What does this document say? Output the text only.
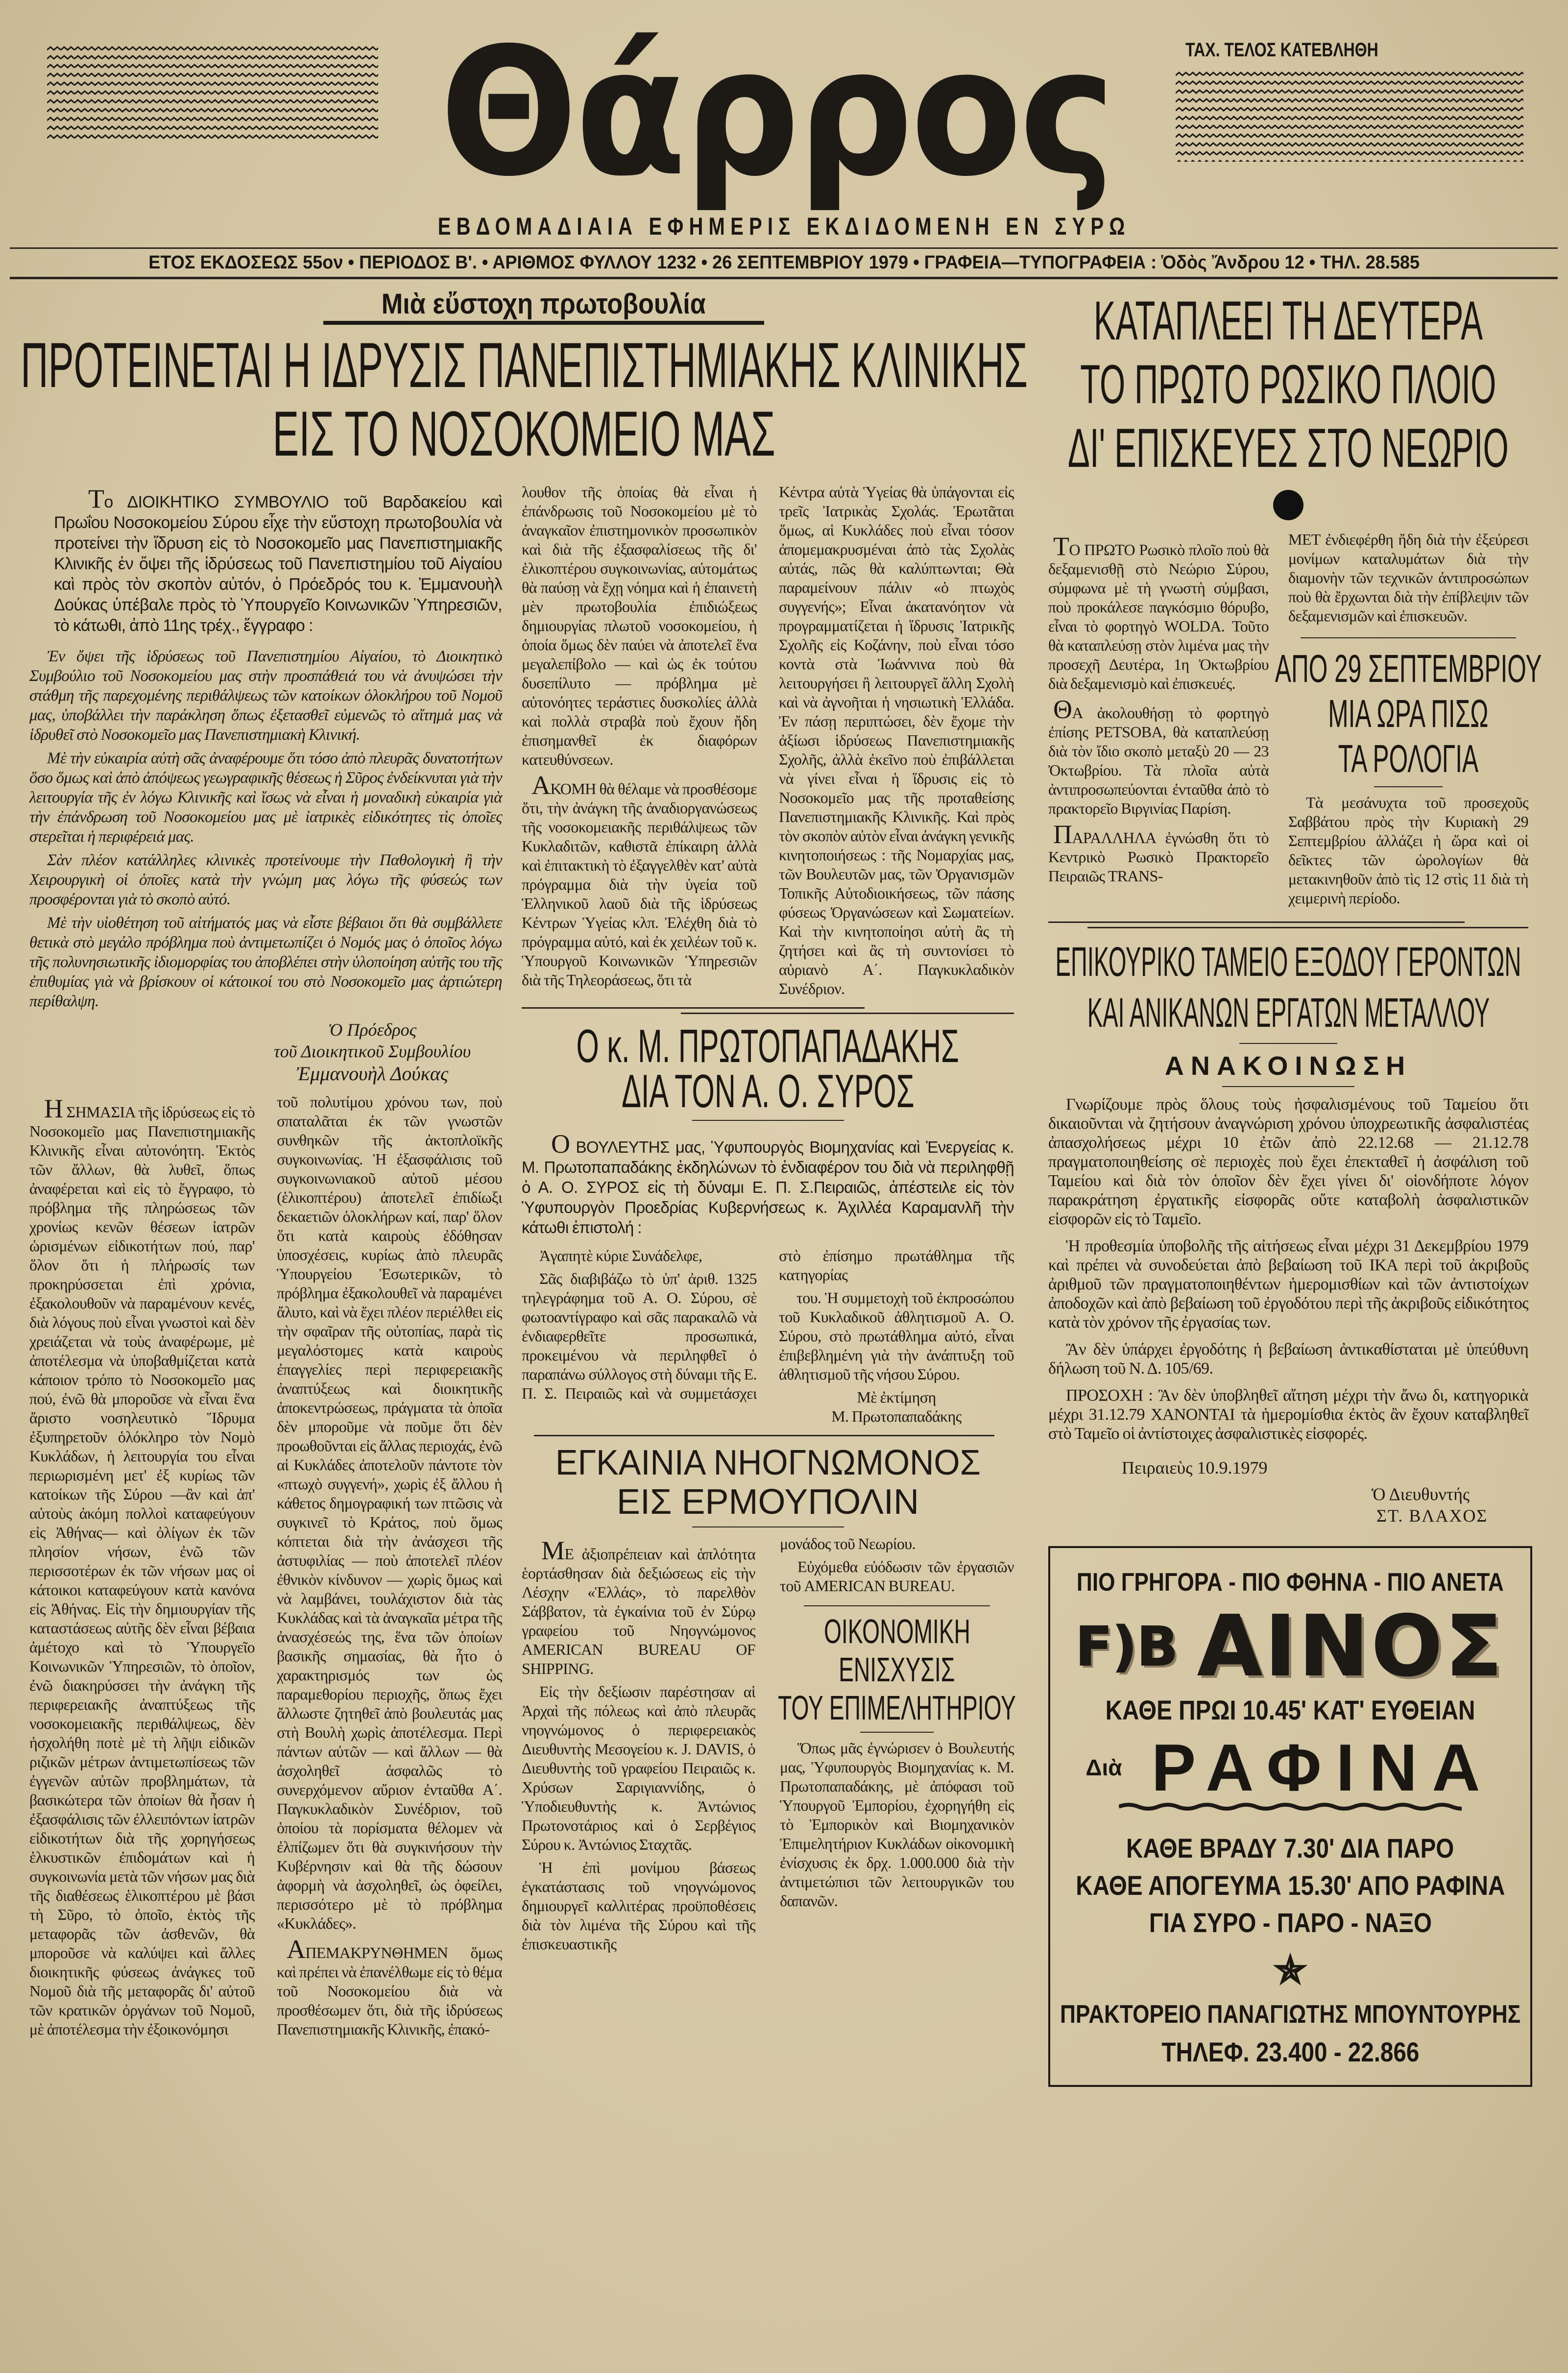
Θάρρος	ΤΑΧ. ΤΕΛΟΣ ΚΑΤΕΒΛΗΘΗ
ΕΒΔΟΜΑΔΙΑΙΑ ΕΦΗΜΕΡΙΣ ΕΚΔΙΔΟΜΕΝΗ ΕΝ ΣΥΡΩ
ΕΤΟΣ ΕΚΔΟΣΕΩΣ 55ον • ΠΕΡΙΟΔΟΣ Β'. • ΑΡΙΘΜΟΣ ΦΥΛΛΟΥ 1232 • 26 ΣΕΠΤΕΜΒΡΙΟΥ 1979 • ΓΡΑΦΕΙΑ—ΤΥΠΟΓΡΑΦΕΙΑ : Ὁδὸς Ἄνδρου 12 • ΤΗΛ. 28.585
Μιὰ εὔστοχη πρωτοβουλία
ΠΡΟΤΕΙΝΕΤΑΙ Η ΙΔΡΥΣΙΣ ΠΑΝΕΠΙΣΤΗΜΙΑΚΗΣ ΚΛΙΝΙΚΗΣ
ΕΙΣ ΤΟ ΝΟΣΟΚΟΜΕΙΟ ΜΑΣ

Το ΔΙΟΙΚΗΤΙΚΟ ΣΥΜΒΟΥΛΙΟ τοῦ Βαρδακείου καὶ Πρωΐου Νοσοκομείου Σύρου εἶχε τὴν εὔστοχη πρωτοβουλία νὰ προτείνει τὴν ἵδρυση εἰς τὸ Νοσοκομεῖο μας Πανεπιστημιακῆς Κλινικῆς ἐν ὄψει τῆς ἱδρύσεως τοῦ Πανεπιστημίου τοῦ Αἰγαίου καὶ πρὸς τὸν σκοπὸν αὐτόν, ὁ Πρόεδρός του κ. Ἐμμανουὴλ Δούκας ὑπέβαλε πρὸς τὸ Ὑπουργεῖο Κοινωνικῶν Ὑπηρεσιῶν, τὸ κάτωθι, ἀπὸ 11ης τρέχ., ἔγγραφο :

Ἐν ὄψει τῆς ἱδρύσεως τοῦ Πανεπιστημίου Αἰγαίου, τὸ Διοικητικὸ Συμβούλιο τοῦ Νοσοκομείου μας στὴν προσπάθειά του νὰ ἀνυψώσει τὴν στάθμη τῆς παρεχομένης περιθάλψεως τῶν κατοίκων ὁλοκλήρου τοῦ Νομοῦ μας, ὑποβάλλει τὴν παράκληση ὅπως ἐξετασθεῖ εὐμενῶς τὸ αἴτημά μας νὰ ἱδρυθεῖ στὸ Νοσοκομεῖο μας Πανεπιστημιακὴ Κλινική.

Μὲ τὴν εὐκαιρία αὐτὴ σᾶς ἀναφέρουμε ὅτι τόσο ἀπὸ πλευρᾶς δυνατοτήτων ὅσο ὅμως καὶ ἀπὸ ἀπόψεως γεωγραφικῆς θέσεως ἡ Σῦρος ἐνδείκνυται γιὰ τὴν λειτουργία τῆς ἐν λόγω Κλινικῆς καὶ ἴσως νὰ εἶναι ἡ μοναδικὴ εὐκαιρία γιὰ τὴν ἐπάνδρωση τοῦ Νοσοκομείου μας μὲ ἰατρικὲς εἰδικότητες τὶς ὁποῖες στερεῖται ἡ περιφέρειά μας.

Σὰν πλέον κατάλληλες κλινικὲς προτείνουμε τὴν Παθολογικὴ ἢ τὴν Χειρουργικὴ οἱ ὁποῖες κατὰ τὴν γνώμη μας λόγω τῆς φύσεώς των προσφέρονται γιὰ τὸ σκοπὸ αὐτό.

Μὲ τὴν υἱοθέτηση τοῦ αἰτήματός μας νὰ εἶστε βέβαιοι ὅτι θὰ συμβάλλετε θετικὰ στὸ μεγάλο πρόβλημα ποὺ ἀντιμετωπίζει ὁ Νομός μας ὁ ὁποῖος λόγω τῆς πολυνησιωτικῆς ἰδιομορφίας του ἀποβλέπει στὴν ὑλοποίηση αὐτῆς του τῆς ἐπιθυμίας γιὰ νὰ βρίσκουν οἱ κάτοικοί του στὸ Νοσοκομεῖο μας ἀρτιώτερη περίθαλψη.

Ὁ Πρόεδρος
τοῦ Διοικητικοῦ Συμβουλίου
Ἐμμανουὴλ Δούκας

Η ΣΗΜΑΣΙΑ τῆς ἱδρύσεως εἰς τὸ Νοσοκομεῖο μας Πανεπιστημιακῆς Κλινικῆς εἶναι αὐτονόητη. Ἐκτὸς τῶν ἄλλων, θὰ λυθεῖ, ὅπως ἀναφέρεται καὶ εἰς τὸ ἔγγραφο, τὸ πρόβλημα τῆς πληρώσεως τῶν χρονίως κενῶν θέσεων ἰατρῶν ὡρισμένων εἰδικοτήτων πού, παρ' ὅλον ὅτι ἡ πλήρωσίς των προκηρύσσεται ἐπὶ χρόνια, ἐξακολουθοῦν νὰ παραμένουν κενές, διὰ λόγους ποὺ εἶναι γνωστοὶ καὶ δὲν χρειάζεται νὰ τοὺς ἀναφέρωμε, μὲ ἀποτέλεσμα νὰ ὑποβαθμίζεται κατὰ κάποιον τρόπο τὸ Νοσοκομεῖο μας πού, ἐνῶ θὰ μποροῦσε νὰ εἶναι ἕνα ἄριστο νοσηλευτικὸ Ἵδρυμα ἐξυπηρετοῦν ὁλόκληρο τὸν Νομὸ Κυκλάδων, ἡ λειτουργία του εἶναι περιωρισμένη μετ' ἐξ κυρίως τῶν κατοίκων τῆς Σύρου —ἂν καὶ ἀπ' αὐτοὺς ἀκόμη πολλοὶ καταφεύγουν εἰς Ἀθήνας— καὶ ὀλίγων ἐκ τῶν πλησίον νήσων, ἐνῶ τῶν περισσοτέρων ἐκ τῶν νήσων μας οἱ κάτοικοι καταφεύγουν κατὰ κανόνα εἰς Ἀθήνας. Εἰς τὴν δημιουργίαν τῆς καταστάσεως αὐτῆς δὲν εἶναι βέβαια ἀμέτοχο καὶ τὸ Ὑπουργεῖο Κοινωνικῶν Ὑπηρεσιῶν, τὸ ὁποῖον, ἐνῶ διακηρύσσει τὴν ἀνάγκη τῆς περιφερειακῆς ἀναπτύξεως τῆς νοσοκομειακῆς περιθάλψεως, δὲν ἠσχολήθη ποτὲ μὲ τὴ λῆψι εἰδικῶν ριζικῶν μέτρων ἀντιμετωπίσεως τῶν ἐγγενῶν αὐτῶν προβλημάτων, τὰ βασικώτερα τῶν ὁποίων θὰ ἦσαν ἡ ἐξασφάλισις τῶν ἐλλειπόντων ἰατρῶν εἰδικοτήτων διὰ τῆς χορηγήσεως ἑλκυστικῶν ἐπιδομάτων καὶ ἡ συγκοινωνία μετὰ τῶν νήσων μας διὰ τῆς διαθέσεως ἑλικοπτέρου μὲ βάσι τὴ Σῦρο, τὸ ὁποῖο, ἐκτὸς τῆς μεταφορᾶς τῶν ἀσθενῶν, θὰ μποροῦσε νὰ καλύψει καὶ ἄλλες διοικητικῆς φύσεως ἀνάγκες τοῦ Νομοῦ διὰ τῆς μεταφορᾶς δι' αὐτοῦ τῶν κρατικῶν ὀργάνων τοῦ Νομοῦ, μὲ ἀποτέλεσμα τὴν ἐξοικονόμησι

τοῦ πολυτίμου χρόνου των, ποὺ σπαταλᾶται ἐκ τῶν γνωστῶν συνθηκῶν τῆς ἀκτοπλοϊκῆς συγκοινωνίας. Ἡ ἐξασφάλισις τοῦ συγκοινωνιακοῦ αὐτοῦ μέσου (ἑλικοπτέρου) ἀποτελεῖ ἐπιδίωξι δεκαετιῶν ὁλοκλήρων καί, παρ' ὅλον ὅτι κατὰ καιροὺς ἐδόθησαν ὑποσχέσεις, κυρίως ἀπὸ πλευρᾶς Ὑπουργείου Ἐσωτερικῶν, τὸ πρόβλημα ἐξακολουθεῖ νὰ παραμένει ἄλυτο, καὶ νὰ ἔχει πλέον περιέλθει εἰς τὴν σφαῖραν τῆς οὐτοπίας, παρὰ τὶς μεγαλόστομες κατὰ καιροὺς ἐπαγγελίες περὶ περιφερειακῆς ἀναπτύξεως καὶ διοικητικῆς ἀποκεντρώσεως, πράγματα τὰ ὁποῖα δὲν μποροῦμε νὰ ποῦμε ὅτι δὲν προωθοῦνται εἰς ἄλλας περιοχάς, ἐνῶ αἱ Κυκλάδες ἀποτελοῦν πάντοτε τὸν «πτωχὸ συγγενή», χωρὶς ἐξ ἄλλου ἡ κάθετος δημογραφική των πτῶσις νὰ συγκινεῖ τὸ Κράτος, ποὺ ὅμως κόπτεται διὰ τὴν ἀνάσχεσι τῆς ἀστυφιλίας — ποὺ ἀποτελεῖ πλέον ἐθνικὸν κίνδυνον — χωρὶς ὅμως καὶ νὰ λαμβάνει, τουλάχιστον διὰ τὰς Κυκλάδας καὶ τὰ ἀναγκαῖα μέτρα τῆς ἀνασχέσεώς της, ἕνα τῶν ὁποίων βασικῆς σημασίας, θὰ ἦτο ὁ χαρακτηρισμός των ὡς παραμεθορίου περιοχῆς, ὅπως ἔχει ἄλλωστε ζητηθεῖ ἀπὸ βουλευτάς μας στὴ Βουλὴ χωρὶς ἀποτέλεσμα. Περὶ πάντων αὐτῶν — καὶ ἄλλων — θὰ ἀσχοληθεῖ ἀσφαλῶς τὸ συνερχόμενον αὔριον ἐνταῦθα Α΄. Παγκυκλαδικὸν Συνέδριον, τοῦ ὁποίου τὰ πορίσματα θέλομεν νὰ ἐλπίζωμεν ὅτι θὰ συγκινήσουν τὴν Κυβέρνησιν καὶ θὰ τῆς δώσουν ἀφορμὴ νὰ ἀσχοληθεῖ, ὡς ὀφείλει, περισσότερο μὲ τὸ πρόβλημα «Κυκλάδες».

ΑΠΕΜΑΚΡΥΝΘΗΜΕΝ ὅμως καὶ πρέπει νὰ ἐπανέλθωμε εἰς τὸ θέμα τοῦ Νοσοκομείου διὰ νὰ προσθέσωμεν ὅτι, διὰ τῆς ἱδρύσεως Πανεπιστημιακῆς Κλινικῆς, ἐπακό-

λουθον τῆς ὁποίας θὰ εἶναι ἡ ἐπάνδρωσις τοῦ Νοσοκομείου μὲ τὸ ἀναγκαῖον ἐπιστημονικὸν προσωπικὸν καὶ διὰ τῆς ἐξασφαλίσεως τῆς δι' ἑλικοπτέρου συγκοινωνίας, αὐτομάτως θὰ παύσῃ νὰ ἔχῃ νόημα καὶ ἡ ἐπαινετὴ μὲν πρωτοβουλία ἐπιδιώξεως δημιουργίας πλωτοῦ νοσοκομείου, ἡ ὁποία ὅμως δὲν παύει νὰ ἀποτελεῖ ἕνα μεγαλεπίβολο — καὶ ὡς ἐκ τούτου δυσεπίλυτο — πρόβλημα μὲ αὐτονόητες τεράστιες δυσκολίες ἀλλὰ καὶ πολλὰ στραβὰ ποὺ ἔχουν ἤδη ἐπισημανθεῖ ἐκ διαφόρων κατευθύνσεων.

ΑΚΟΜΗ θὰ θέλαμε νὰ προσθέσομε ὅτι, τὴν ἀνάγκη τῆς ἀναδιοργανώσεως τῆς νοσοκομειακῆς περιθάλψεως τῶν Κυκλαδιτῶν, καθιστᾶ ἐπίκαιρη ἀλλὰ καὶ ἐπιτακτικὴ τὸ ἐξαγγελθὲν κατ' αὐτὰ πρόγραμμα διὰ τὴν ὑγεία τοῦ Ἑλληνικοῦ λαοῦ διὰ τῆς ἱδρύσεως Κέντρων Ὑγείας κλπ. Ἐλέχθη διὰ τὸ πρόγραμμα αὐτό, καὶ ἐκ χειλέων τοῦ κ. Ὑπουργοῦ Κοινωνικῶν Ὑπηρεσιῶν διὰ τῆς Τηλεοράσεως, ὅτι τὰ

Κέντρα αὐτὰ Ὑγείας θὰ ὑπάγονται εἰς τρεῖς Ἰατρικὰς Σχολάς. Ἐρωτᾶται ὅμως, αἱ Κυκλάδες ποὺ εἶναι τόσον ἀπομεμακρυσμέναι ἀπὸ τὰς Σχολὰς αὐτάς, πῶς θὰ καλύπτωνται; Θὰ παραμείνουν πάλιν «ὁ πτωχὸς συγγενής»; Εἶναι ἀκατανόητον νὰ προγραμματίζεται ἡ ἵδρυσις Ἰατρικῆς Σχολῆς εἰς Κοζάνην, ποὺ εἶναι τόσο κοντὰ στὰ Ἰωάννινα ποὺ θὰ λειτουργήσει ἢ λειτουργεῖ ἄλλη Σχολὴ καὶ νὰ ἀγνοῆται ἡ νησιωτικὴ Ἑλλάδα. Ἐν πάσῃ περιπτώσει, δὲν ἔχομε τὴν ἀξίωσι ἱδρύσεως Πανεπιστημιακῆς Σχολῆς, ἀλλὰ ἐκεῖνο ποὺ ἐπιβάλλεται νὰ γίνει εἶναι ἡ ἵδρυσις εἰς τὸ Νοσοκομεῖο μας τῆς προταθείσης Πανεπιστημιακῆς Κλινικῆς. Καὶ πρὸς τὸν σκοπὸν αὐτὸν εἶναι ἀνάγκη γενικῆς κινητοποιήσεως : τῆς Νομαρχίας μας, τῶν Βουλευτῶν μας, τῶν Ὀργανισμῶν Τοπικῆς Αὐτοδιοικήσεως, τῶν πάσης φύσεως Ὀργανώσεων καὶ Σωματείων. Καὶ τὴν κινητοποίησι αὐτὴ ἂς τὴ ζητήσει καὶ ἂς τὴ συντονίσει τὸ αὐριανὸ Α΄. Παγκυκλαδικὸν Συνέδριον.

Ο κ. Μ. ΠΡΩΤΟΠΑΠΑΔΑΚΗΣ
ΔΙΑ ΤΟΝ Α. Ο. ΣΥΡΟΣ

Ο ΒΟΥΛΕΥΤΗΣ μας, Ὑφυπουργὸς Βιομηχανίας καὶ Ἐνεργείας κ. Μ. Πρωτοπαπαδάκης ἐκδηλώνων τὸ ἐνδιαφέρον του διὰ νὰ περιληφθῇ ὁ Α. Ο. ΣΥΡΟΣ εἰς τὴ δύναμι Ε. Π. Σ.Πειραιῶς, ἀπέστειλε εἰς τὸν Ὑφυπουργὸν Προεδρίας Κυβερνήσεως κ. Ἀχιλλέα Καραμανλῆ τὴν κάτωθι ἐπιστολή :

Ἀγαπητὲ κύριε Συνάδελφε,

Σᾶς διαβιβάζω τὸ ὑπ' ἀριθ. 1325 τηλεγράφημα τοῦ Α. Ο. Σύρου, σὲ φωτοαντίγραφο καὶ σᾶς παρακαλῶ νὰ ἐνδιαφερθεῖτε προσωπικά, προκειμένου νὰ περιληφθεῖ ὁ παραπάνω σύλλογος στὴ δύναμι τῆς Ε. Π. Σ. Πειραιῶς καὶ νὰ συμμετάσχει στὸ ἐπίσημο πρωτάθλημα τῆς κατηγορίας

του. Ἡ συμμετοχὴ τοῦ ἐκπροσώπου τοῦ Κυκλαδικοῦ ἀθλητισμοῦ Α. Ο. Σύρου, στὸ πρωτάθλημα αὐτό, εἶναι ἐπιβεβλημένη γιὰ τὴν ἀνάπτυξη τοῦ ἀθλητισμοῦ τῆς νήσου Σύρου.

Μὲ ἐκτίμηση
Μ. Πρωτοπαπαδάκης
ΕΓΚΑΙΝΙΑ ΝΗΟΓΝΩΜΟΝΟΣ
ΕΙΣ ΕΡΜΟΥΠΟΛΙΝ

ΜΕ ἀξιοπρέπειαν καὶ ἁπλότητα ἑορτάσθησαν διὰ δεξιώσεως εἰς τὴν Λέσχην «Ἑλλάς», τὸ παρελθὸν Σάββατον, τὰ ἐγκαίνια τοῦ ἐν Σύρῳ γραφείου τοῦ Νηογνώμονος AMERICAN BUREAU OF SHIPPING.

Εἰς τὴν δεξίωσιν παρέστησαν αἱ Ἀρχαὶ τῆς πόλεως καὶ ἀπὸ πλευρᾶς νηογνώμονος ὁ περιφερειακὸς Διευθυντὴς Μεσογείου κ. J. DAVIS, ὁ Διευθυντὴς τοῦ γραφείου Πειραιῶς κ. Χρύσων Σαριγιαννίδης, ὁ Ὑποδιευθυντὴς κ. Ἀντώνιος Πρωτονοτάριος καὶ ὁ Σερβέγιος Σύρου κ. Ἀντώνιος Σταχτᾶς.

Ἡ ἐπὶ μονίμου βάσεως ἐγκατάστασις τοῦ νηογνώμονος δημιουργεῖ καλλιτέρας προϋποθέσεις διὰ τὸν λιμένα τῆς Σύρου καὶ τῆς ἐπισκευαστικῆς

μονάδος τοῦ Νεωρίου.

Εὐχόμεθα εὐόδωσιν τῶν ἐργασιῶν τοῦ AMERICAN BUREAU.

ΟΙΚΟΝΟΜΙΚΗ
ΕΝΙΣΧΥΣΙΣ
ΤΟΥ ΕΠΙΜΕΛΗΤΗΡΙΟΥ

Ὅπως μᾶς ἐγνώρισεν ὁ Βουλευτής μας, Ὑφυπουργὸς Βιομηχανίας κ. Μ. Πρωτοπαπαδάκης, μὲ ἀπόφασι τοῦ Ὑπουργοῦ Ἐμπορίου, ἐχορηγήθη εἰς τὸ Ἐμπορικὸν καὶ Βιομηχανικὸν Ἐπιμελητήριον Κυκλάδων οἰκονομικὴ ἐνίσχυσις ἐκ δρχ. 1.000.000 διὰ τὴν ἀντιμετώπισι τῶν λειτουργικῶν του δαπανῶν.

ΚΑΤΑΠΛΕΕΙ ΤΗ ΔΕΥΤΕΡΑ
ΤΟ ΠΡΩΤΟ ΡΩΣΙΚΟ ΠΛΟΙΟ
ΔΙ' ΕΠΙΣΚΕΥΕΣ ΣΤΟ ΝΕΩΡΙΟ

ΤΟ ΠΡΩΤΟ Ρωσικὸ πλοῖο ποὺ θὰ δεξαμενισθῇ στὸ Νεώριο Σύρου, σύμφωνα μὲ τὴ γνωστὴ σύμβασι, ποὺ προκάλεσε παγκόσμιο θόρυβο, εἶναι τὸ φορτηγὸ WOLDA. Τοῦτο θὰ καταπλεύσῃ στὸν λιμένα μας τὴν προσεχῆ Δευτέρα, 1η Ὀκτωβρίου διὰ δεξαμενισμὸ καὶ ἐπισκευές.

ΘΑ ἀκολουθήσῃ τὸ φορτηγὸ ἐπίσης PETSOBA, θὰ καταπλεύσῃ διὰ τὸν ἴδιο σκοπὸ μεταξὺ 20 — 23 Ὀκτωβρίου. Τὰ πλοῖα αὐτὰ ἀντιπροσωπεύονται ἐνταῦθα ἀπὸ τὸ πρακτορεῖο Βιργινίας Παρίση.

ΠΑΡΑΛΛΗΛΑ ἐγνώσθη ὅτι τὸ Κεντρικὸ Ρωσικὸ Πρακτορεῖο Πειραιῶς TRANS-

ΜΕΤ ἐνδιεφέρθη ἤδη διὰ τὴν ἐξεύρεσι μονίμων καταλυμάτων διὰ τὴν διαμονὴν τῶν τεχνικῶν ἀντιπροσώπων ποὺ θὰ ἔρχωνται διὰ τὴν ἐπίβλεψιν τῶν δεξαμενισμῶν καὶ ἐπισκευῶν.

ΑΠΟ 29 ΣΕΠΤΕΜΒΡΙΟΥ
ΜΙΑ ΩΡΑ ΠΙΣΩ
ΤΑ ΡΟΛΟΓΙΑ

Τὰ μεσάνυχτα τοῦ προσεχοῦς Σαββάτου πρὸς τὴν Κυριακὴ 29 Σεπτεμβρίου ἀλλάζει ἡ ὥρα καὶ οἱ δεῖκτες τῶν ὡρολογίων θὰ μετακινηθοῦν ἀπὸ τὶς 12 στὶς 11 διὰ τὴ χειμερινὴ περίοδο.

ΕΠΙΚΟΥΡΙΚΟ ΤΑΜΕΙΟ ΕΞΟΔΟΥ ΓΕΡΟΝΤΩΝ
ΚΑΙ ΑΝΙΚΑΝΩΝ ΕΡΓΑΤΩΝ ΜΕΤΑΛΛΟΥ
ΑΝΑΚΟΙΝΩΣΗ

Γνωρίζουμε πρὸς ὅλους τοὺς ἠσφαλισμένους τοῦ Ταμείου ὅτι δικαιοῦνται νὰ ζητήσουν ἀναγνώριση χρόνου ὑποχρεωτικῆς ἀσφαλιστέας ἀπασχολήσεως μέχρι 10 ἐτῶν ἀπὸ 22.12.68 — 21.12.78 πραγματοποιηθείσης σὲ περιοχὲς ποὺ ἔχει ἐπεκταθεῖ ἡ ἀσφάλιση τοῦ Ταμείου καὶ διὰ τὸν ὁποῖον δὲν ἔχει γίνει δι' οἱονδήποτε λόγον παρακράτηση ἐργατικῆς εἰσφορᾶς οὔτε καταβολὴ ἀσφαλιστικῶν εἰσφορῶν εἰς τὸ Ταμεῖο.

Ἡ προθεσμία ὑποβολῆς τῆς αἰτήσεως εἶναι μέχρι 31 Δεκεμβρίου 1979 καὶ πρέπει νὰ συνοδεύεται ἀπὸ βεβαίωση τοῦ ΙΚΑ περὶ τοῦ ἀκριβοῦς ἀριθμοῦ τῶν πραγματοποιηθέντων ἡμερομισθίων καὶ τῶν ἀντιστοίχων ἀποδοχῶν καὶ ἀπὸ βεβαίωση τοῦ ἐργοδότου περὶ τῆς ἀκριβοῦς εἰδικότητος κατὰ τὸν χρόνον τῆς ἐργασίας των.

Ἂν δὲν ὑπάρχει ἐργοδότης ἡ βεβαίωση ἀντικαθίσταται μὲ ὑπεύθυνη δήλωση τοῦ Ν. Δ. 105/69.

ΠΡΟΣΟΧΗ : Ἂν δὲν ὑποβληθεῖ αἴτηση μέχρι τὴν ἄνω δι, κατηγορικὰ μέχρι 31.12.79 ΧΑΝΟΝΤΑΙ τὰ ἡμερομίσθια ἐκτὸς ἂν ἔχουν καταβληθεῖ στὸ Ταμεῖο οἱ ἀντίστοιχες ἀσφαλιστικὲς εἰσφορές.

Πειραιεὺς 10.9.1979
Ὁ Διευθυντής
ΣΤ. ΒΛΑΧΟΣ
ΠΙΟ ΓΡΗΓΟΡΑ - ΠΙΟ ΦΘΗΝΑ - ΠΙΟ ΑΝΕΤΑ
F)B ΑΙΝΟΣ
ΚΑΘΕ ΠΡΩΙ 10.45' ΚΑΤ' ΕΥΘΕΙΑΝ
Διὰ ΡΑΦΙΝΑ
ΚΑΘΕ ΒΡΑΔΥ 7.30' ΔΙΑ ΠΑΡΟ
ΚΑΘΕ ΑΠΟΓΕΥΜΑ 15.30' ΑΠΟ ΡΑΦΙΝΑ
ΓΙΑ ΣΥΡΟ - ΠΑΡΟ - ΝΑΞΟ
✯
ΠΡΑΚΤΟΡΕΙΟ ΠΑΝΑΓΙΩΤΗΣ ΜΠΟΥΝΤΟΥΡΗΣ
ΤΗΛΕΦ. 23.400 - 22.866
